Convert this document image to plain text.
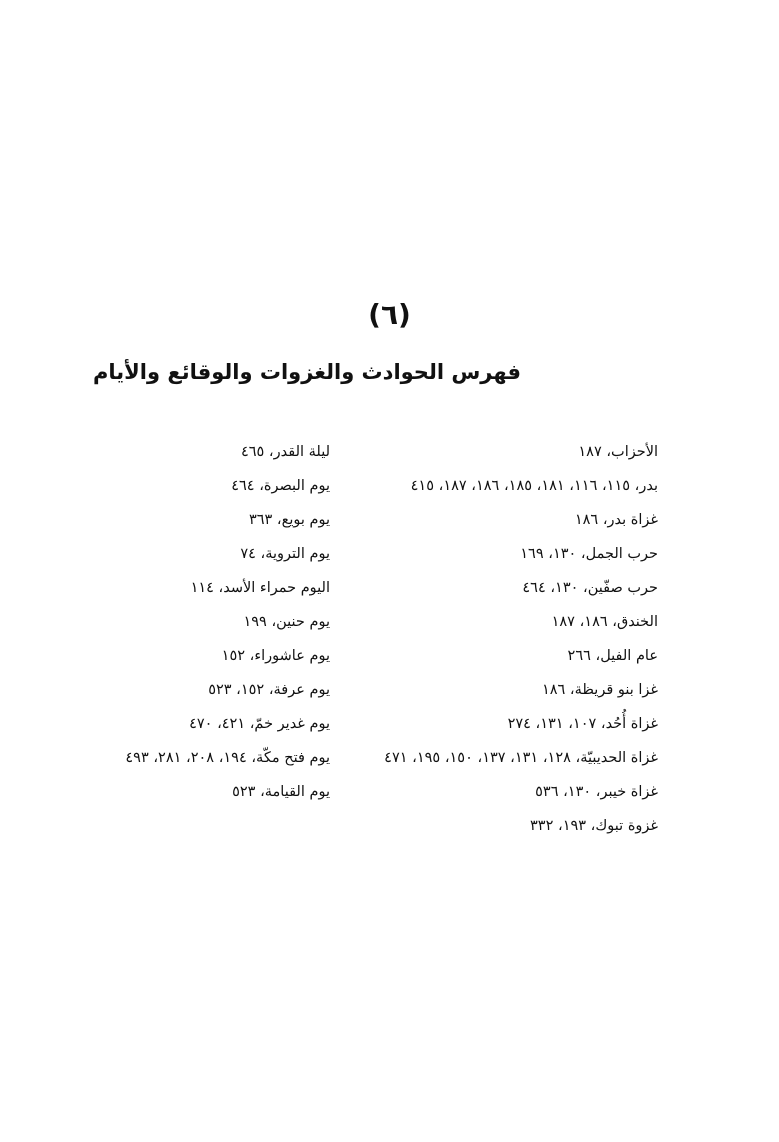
(٦)
فهرس الحوادث والغزوات والوقائع والأيام
الأحزاب، ١٨٧
بدر، ١١٥، ١١٦، ١٨١، ١٨٥، ١٨٦، ١٨٧، ٤١٥
غزاة بدر، ١٨٦
حرب الجمل، ١٣٠، ١٦٩
حرب صفّين، ١٣٠، ٤٦٤
الخندق، ١٨٦، ١٨٧
عام الفيل، ٢٦٦
غزا بنو قريظة، ١٨٦
غزاة أُحُد، ١٠٧، ١٣١، ٢٧٤
غزاة الحديبيّة، ١٢٨، ١٣١، ١٣٧، ١٥٠، ١٩٥، ٤٧١
غزاة خيبر، ١٣٠، ٥٣٦
غزوة تبوك، ١٩٣، ٣٣٢
ليلة القدر، ٤٦٥
يوم البصرة، ٤٦٤
يوم بويع، ٣٦٣
يوم التروية، ٧٤
اليوم حمراء الأسد، ١١٤
يوم حنين، ١٩٩
يوم عاشوراء، ١٥٢
يوم عرفة، ١٥٢، ٥٢٣
يوم غدير خمّ، ٤٢١، ٤٧٠
يوم فتح مكّة، ١٩٤، ٢٠٨، ٢٨١، ٤٩٣
يوم القيامة، ٥٢٣
